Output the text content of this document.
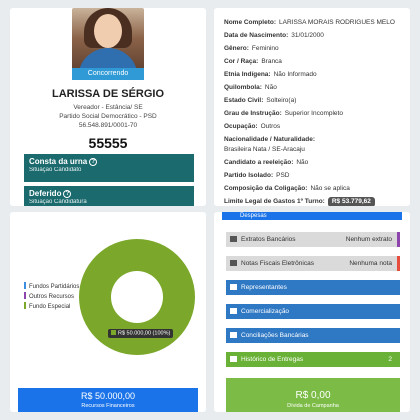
Concorrendo
LARISSA DE SÉRGIO
Vereador - Estância/ SE
Partido Social Democrático - PSD
56.548.891/0001-70
55555
Consta da urna ?
Situação Candidato
Deferido ?
Situação Candidatura
Nome Completo: LARISSA MORAIS RODRIGUES MELO
Data de Nascimento: 31/01/2000
Gênero: Feminino
Cor / Raça: Branca
Etnia Indígena: Não Informado
Quilombola: Não
Estado Civil: Solteiro(a)
Grau de Instrução: Superior Incompleto
Ocupação: Outros
Nacionalidade / Naturalidade:
Brasileira Nata / SE-Aracaju
Candidato a reeleição: Não
Partido Isolado: PSD
Composição da Coligação: Não se aplica
Limite Legal de Gastos 1º Turno: R$ 53.779,62
Fundos Partidários
Outros Recursos
Fundo Especial
R$ 50.000,00 (100%)
R$ 50.000,00
Recursos Financeiros
Despesas
Extratos Bancários	Nenhum extrato
Notas Fiscais Eletrônicas	Nenhuma nota
Representantes
Comercialização
Conciliações Bancárias
Histórico de Entregas	2
R$ 0,00
Dívida de Campanha
